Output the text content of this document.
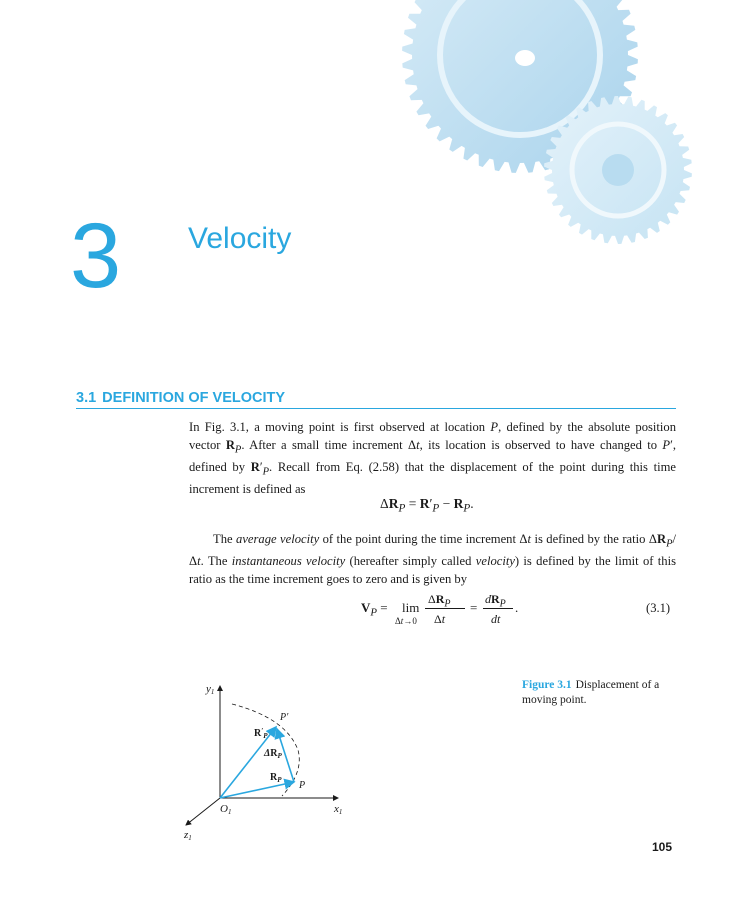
3 Velocity
3.1 DEFINITION OF VELOCITY

In Fig. 3.1, a moving point is first observed at location P, defined by the absolute position vector $R_P$. After a small time increment Δt, its location is observed to have changed to P′, defined by $R'_P$. Recall from Eq. (2.58) that the displacement of the point during this time increment is defined as

$\Delta R_P = R'_P - R_P$.

The average velocity of the point during the time increment Δt is defined by the ratio $\Delta R_P/\Delta t$. The instantaneous velocity (hereafter simply called velocity) is defined by the limit of this ratio as the time increment goes to zero and is given by

$V_P = \lim$
Δt→0
$\Delta R_P$
Δt
=
$dR_P$
dt
.	(3.1)
y1
x1
z1
O1
P′
P
$R'_P$
$\Delta R_P$
$R_P$
Figure 3.1 Displacement of a moving point.
105
